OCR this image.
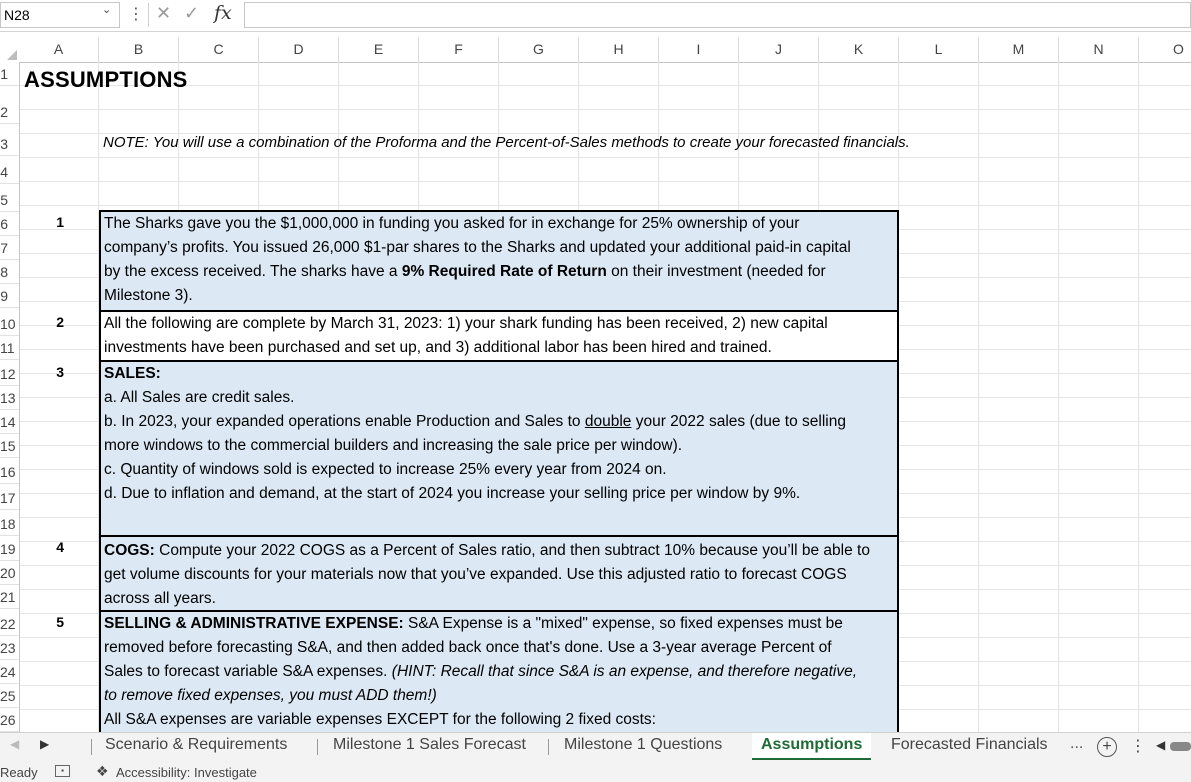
N28	⌄ ⋮ ✕ ✓ fx
A	B	C	D	E	F	G	H	I	J	K	L	M	N	O
1
2
3
4
5
6
7
8
9
10
11
12
13
14
15
16
17
18
19
20
21
22
23
24
25
26
ASSUMPTIONS
NOTE: You will use a combination of the Proforma and the Percent-of-Sales methods to create your forecasted financials.
1
2
3
4
5

The Sharks gave you the $1,000,000 in funding you asked for in exchange for 25% ownership of your

company’s profits. You issued 26,000 $1-par shares to the Sharks and updated your additional paid-in capital

by the excess received. The sharks have a 9% Required Rate of Return on their investment (needed for

Milestone 3).

All the following are complete by March 31, 2023: 1) your shark funding has been received, 2) new capital

investments have been purchased and set up, and 3) additional labor has been hired and trained.

SALES:

a. All Sales are credit sales.

b. In 2023, your expanded operations enable Production and Sales to double your 2022 sales (due to selling

more windows to the commercial builders and increasing the sale price per window).

c. Quantity of windows sold is expected to increase 25% every year from 2024 on.

d. Due to inflation and demand, at the start of 2024 you increase your selling price per window by 9%.

COGS: Compute your 2022 COGS as a Percent of Sales ratio, and then subtract 10% because you’ll be able to

get volume discounts for your materials now that you’ve expanded. Use this adjusted ratio to forecast COGS

across all years.

SELLING & ADMINISTRATIVE EXPENSE: S&A Expense is a "mixed" expense, so fixed expenses must be

removed before forecasting S&A, and then added back once that's done. Use a 3-year average Percent of

Sales to forecast variable S&A expenses. (HINT: Recall that since S&A is an expense, and therefore negative,

to remove fixed expenses, you must ADD them!)

All S&A expenses are variable expenses EXCEPT for the following 2 fixed costs:

◀ ▶	Scenario & Requirements	Milestone 1 Sales Forecast Milestone 1 Questions	Assumptions	Forecasted Financials ...	+	⋮ ◀
Ready	▪	❖ Accessibility: Investigate
